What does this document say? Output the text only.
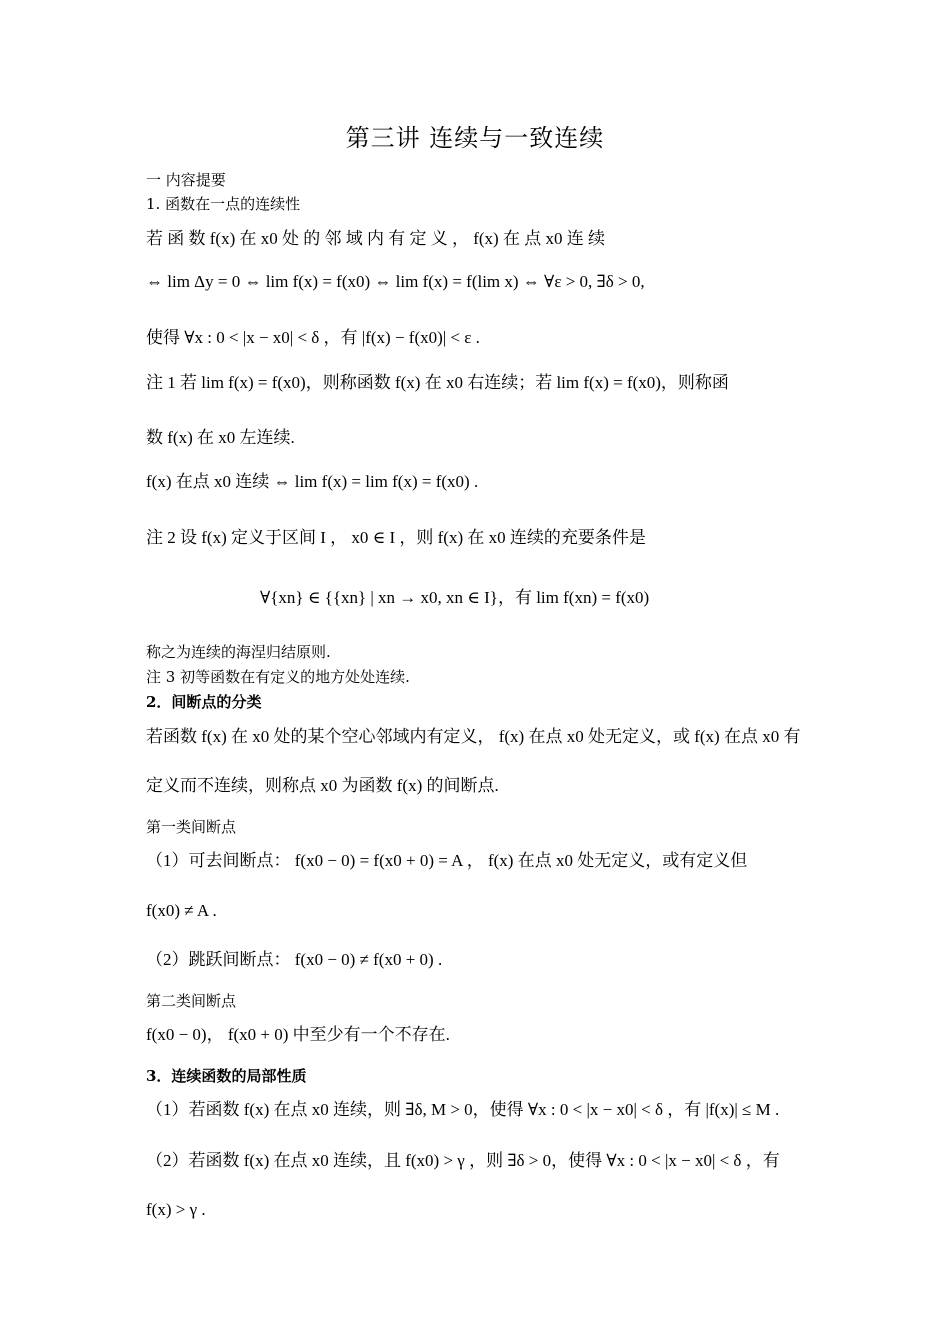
第三讲 连续与一致连续
一 内容提要
1. 函数在一点的连续性
若 函 数 f(x) 在 x0 处 的 邻 域 内 有 定 义 ， f(x) 在 点 x0 连 续
⇔ lim Δy = 0 ⇔ lim f(x) = f(x0) ⇔ lim f(x) = f(lim x) ⇔ ∀ε > 0, ∃δ > 0,
使得 ∀x : 0 < |x − x0| < δ ，有 |f(x) − f(x0)| < ε .
注 1 若 lim f(x) = f(x0)，则称函数 f(x) 在 x0 右连续；若 lim f(x) = f(x0)，则称函
数 f(x) 在 x0 左连续.
f(x) 在点 x0 连续 ⇔ lim f(x) = lim f(x) = f(x0) .
注 2 设 f(x) 定义于区间 I ， x0 ∈ I ，则 f(x) 在 x0 连续的充要条件是
∀{xn} ∈ {{xn} | xn → x0, xn ∈ I}，有 lim f(xn) = f(x0)
称之为连续的海涅归结原则.
注 3 初等函数在有定义的地方处处连续.
2．间断点的分类
若函数 f(x) 在 x0 处的某个空心邻域内有定义， f(x) 在点 x0 处无定义，或 f(x) 在点 x0 有
定义而不连续，则称点 x0 为函数 f(x) 的间断点.
第一类间断点
（1）可去间断点： f(x0 − 0) = f(x0 + 0) = A ， f(x) 在点 x0 处无定义，或有定义但
f(x0) ≠ A .
（2）跳跃间断点： f(x0 − 0) ≠ f(x0 + 0) .
第二类间断点
f(x0 − 0)， f(x0 + 0) 中至少有一个不存在.
3．连续函数的局部性质
（1）若函数 f(x) 在点 x0 连续，则 ∃δ, M > 0，使得 ∀x : 0 < |x − x0| < δ ，有 |f(x)| ≤ M .
（2）若函数 f(x) 在点 x0 连续，且 f(x0) > γ ，则 ∃δ > 0，使得 ∀x : 0 < |x − x0| < δ ，有
f(x) > γ .
